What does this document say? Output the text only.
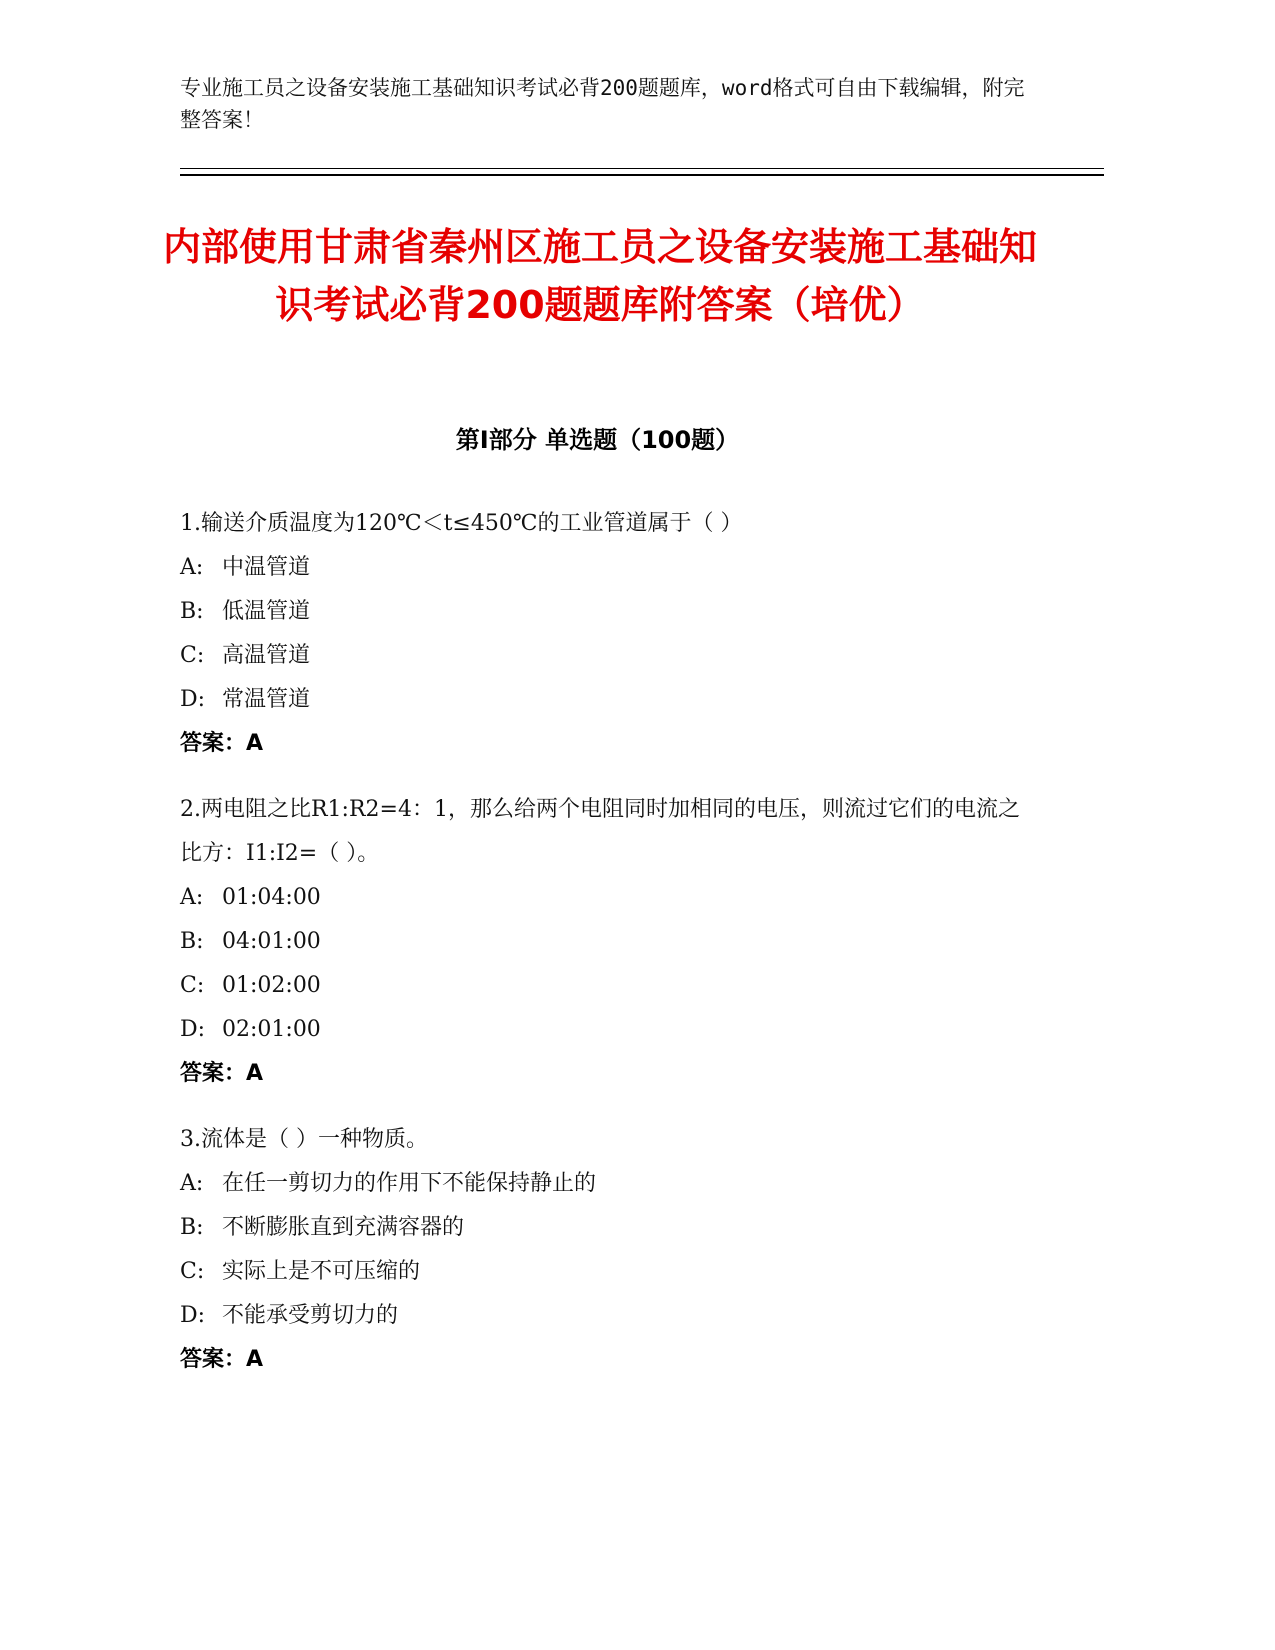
专业施工员之设备安装施工基础知识考试必背200题题库，word格式可自由下载编辑，附完整答案！
内部使用甘肃省秦州区施工员之设备安装施工基础知识考试必背200题题库附答案（培优）
第Ⅰ部分 单选题（100题）
1.输送介质温度为120℃＜t≤450℃的工业管道属于（ ）
A: 中温管道
B: 低温管道
C: 高温管道
D: 常温管道
答案：A
2.两电阻之比R1:R2=4：1，那么给两个电阻同时加相同的电压，则流过它们的电流之比方：I1:I2=（ ）。
A: 01:04:00
B: 04:01:00
C: 01:02:00
D: 02:01:00
答案：A
3.流体是（ ）一种物质。
A: 在任一剪切力的作用下不能保持静止的
B: 不断膨胀直到充满容器的
C: 实际上是不可压缩的
D: 不能承受剪切力的
答案：A
